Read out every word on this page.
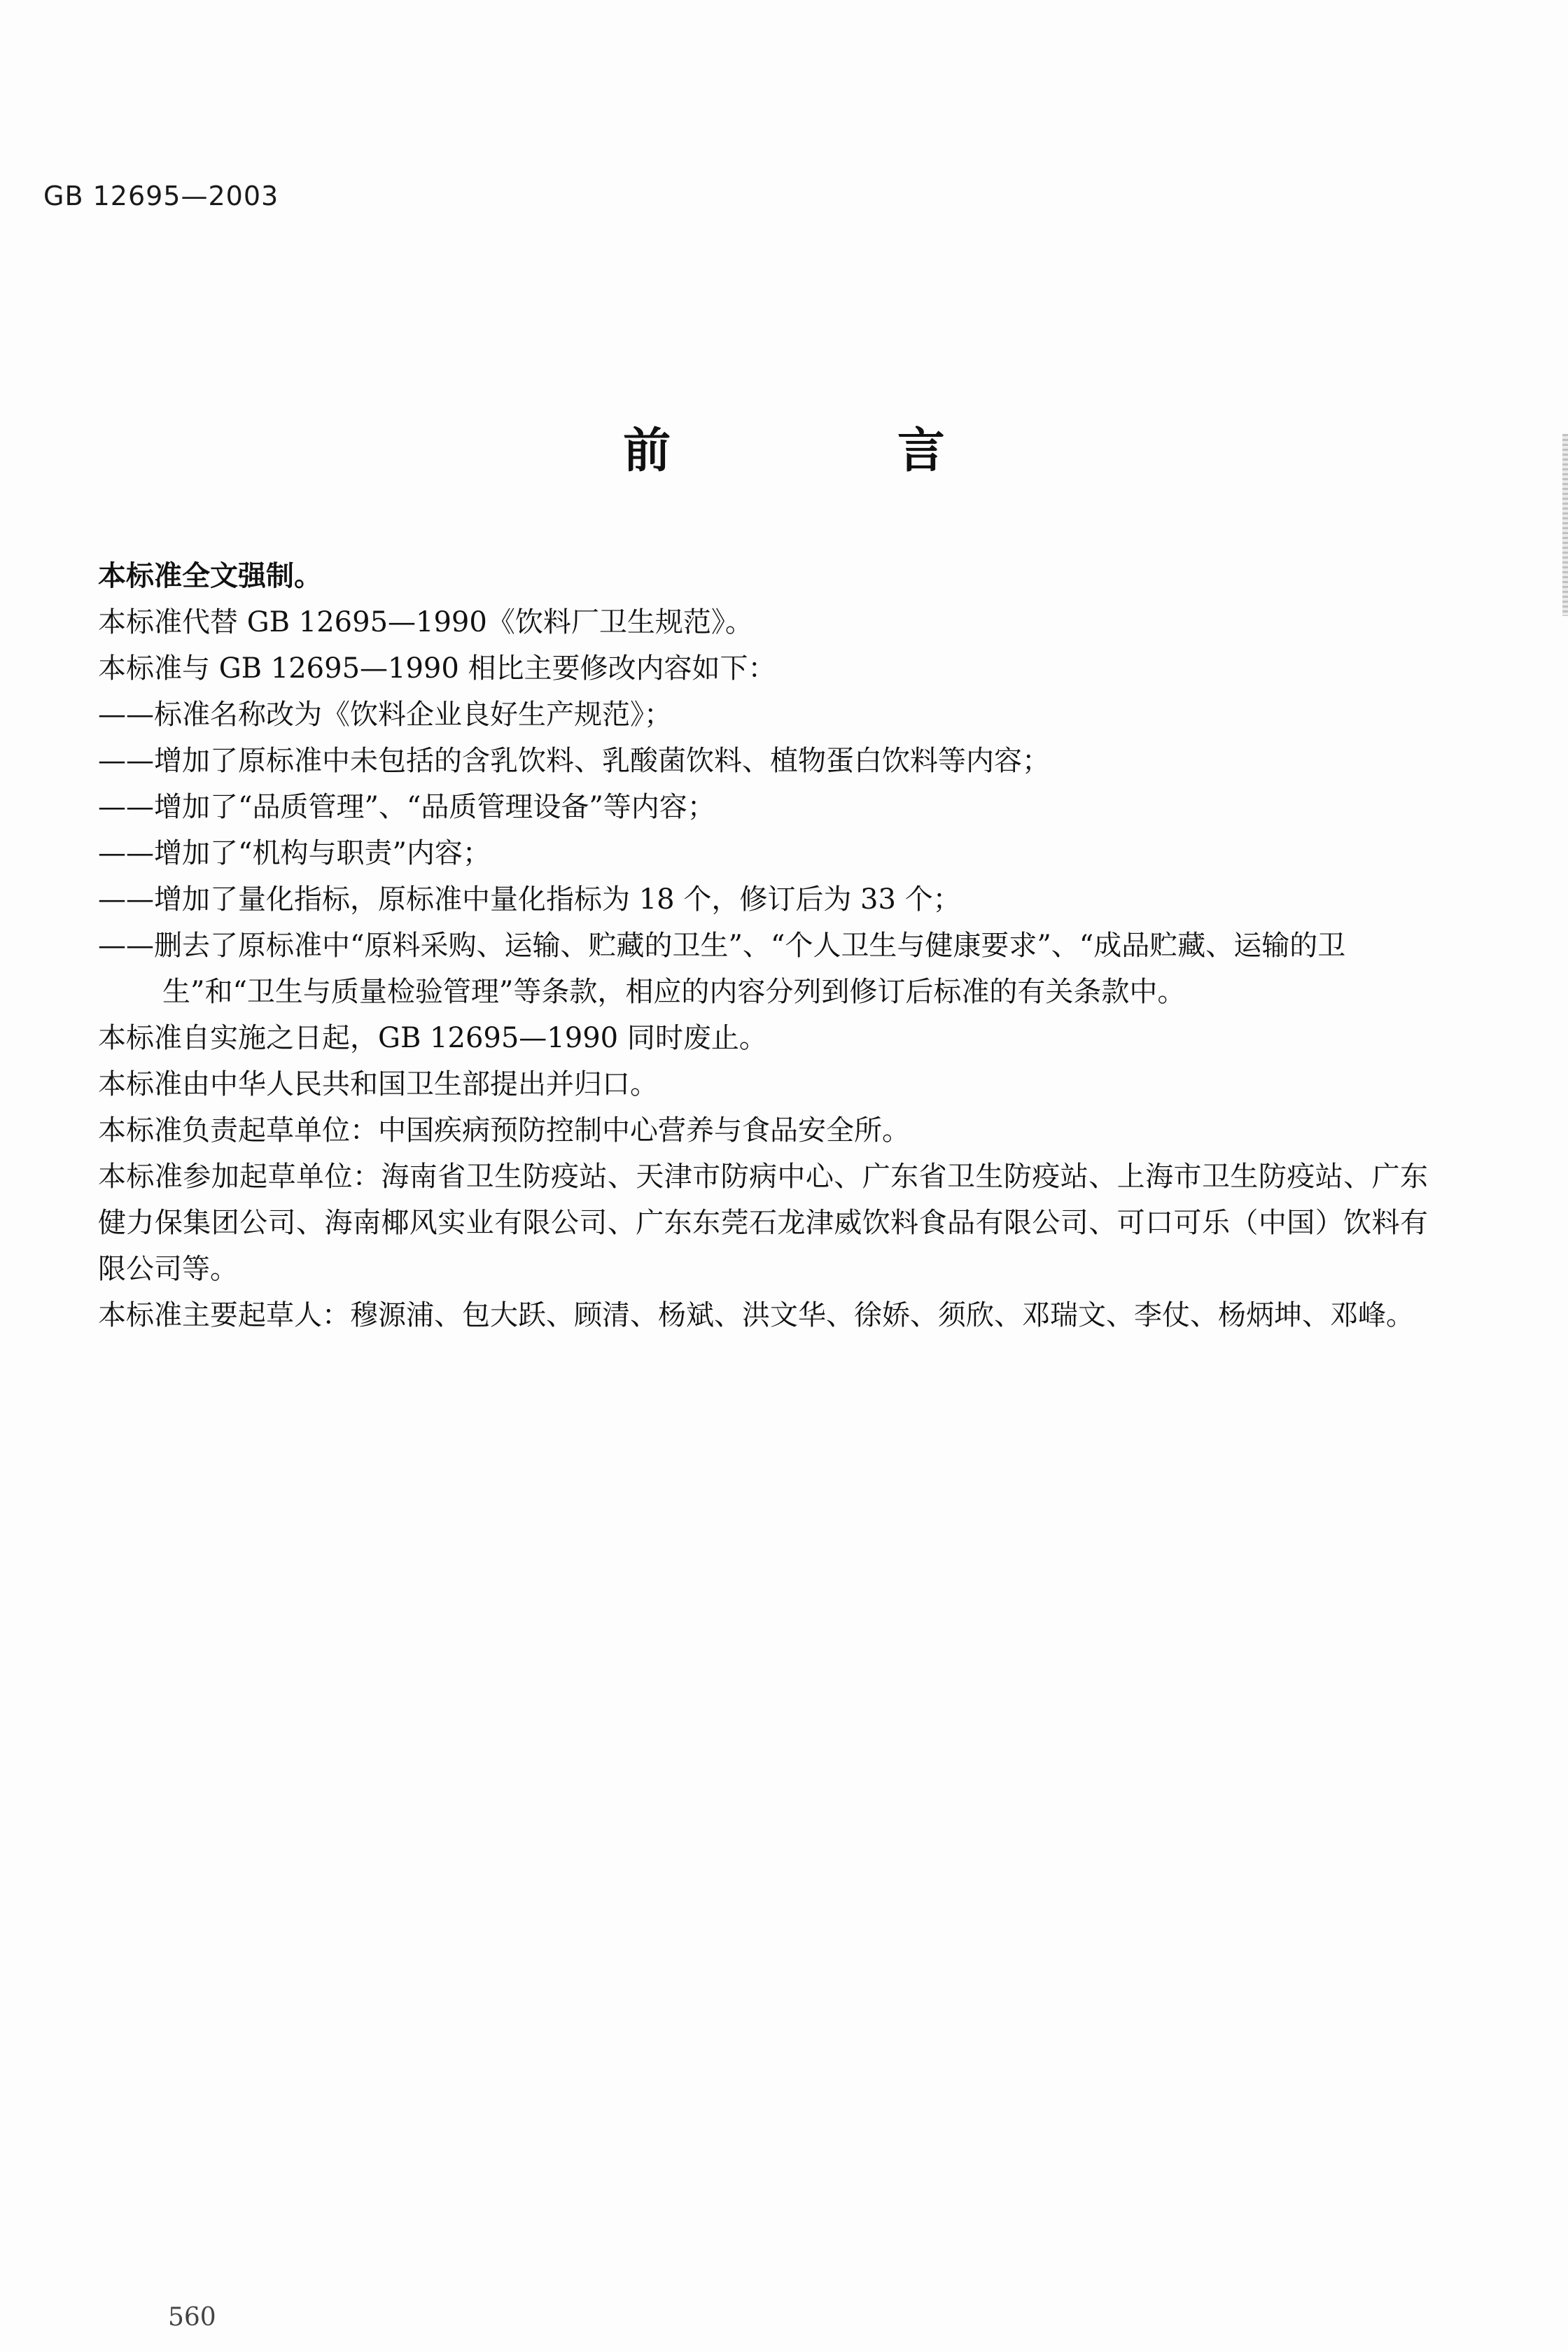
GB 12695—2003
前 言

本标准全文强制。

本标准代替 GB 12695—1990《饮料厂卫生规范》。

本标准与 GB 12695—1990 相比主要修改内容如下：

——标准名称改为《饮料企业良好生产规范》；

——增加了原标准中未包括的含乳饮料、乳酸菌饮料、植物蛋白饮料等内容；

——增加了“品质管理”、“品质管理设备”等内容；

——增加了“机构与职责”内容；

——增加了量化指标，原标准中量化指标为 18 个，修订后为 33 个；

——删去了原标准中“原料采购、运输、贮藏的卫生”、“个人卫生与健康要求”、“成品贮藏、运输的卫

生”和“卫生与质量检验管理”等条款，相应的内容分列到修订后标准的有关条款中。

本标准自实施之日起，GB 12695—1990 同时废止。

本标准由中华人民共和国卫生部提出并归口。

本标准负责起草单位：中国疾病预防控制中心营养与食品安全所。

本标准参加起草单位：海南省卫生防疫站、天津市防病中心、广东省卫生防疫站、上海市卫生防疫站、广东健力保集团公司、海南椰风实业有限公司、广东东莞石龙津威饮料食品有限公司、可口可乐（中国）饮料有限公司等。

本标准主要起草人：穆源浦、包大跃、顾清、杨斌、洪文华、徐娇、须欣、邓瑞文、李仗、杨炳坤、邓峰。

560
